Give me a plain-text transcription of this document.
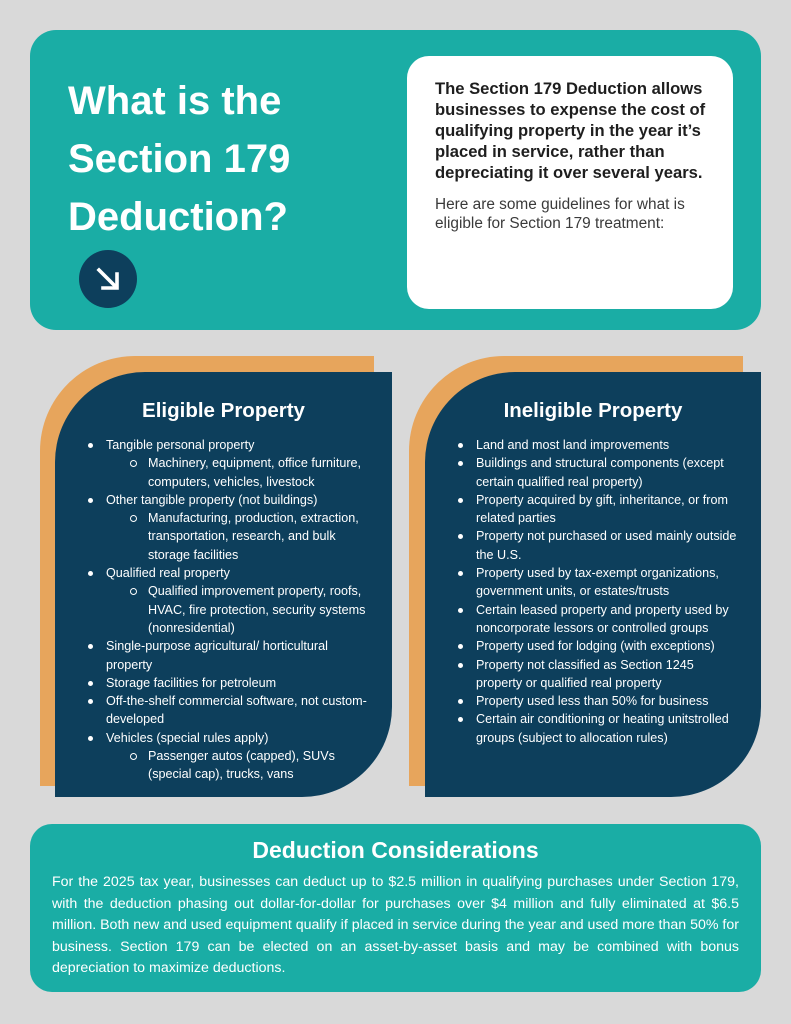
What is the
Section 179
Deduction?

The Section 179 Deduction allows businesses to expense the cost of qualifying property in the year it’s placed in service, rather than depreciating it over several years.

Here are some guidelines for what is eligible for Section 179 treatment:

Eligible Property
Tangible personal property
Machinery, equipment, office furniture, computers, vehicles, livestock
Other tangible property (not buildings)
Manufacturing, production, extraction, transportation, research, and bulk storage facilities
Qualified real property
Qualified improvement property, roofs, HVAC, fire protection, security systems (nonresidential)
Single-purpose agricultural/ horticultural property
Storage facilities for petroleum
Off-the-shelf commercial software, not custom-developed
Vehicles (special rules apply)
Passenger autos (capped), SUVs (special cap), trucks, vans
Ineligible Property
Land and most land improvements
Buildings and structural components (except certain qualified real property)
Property acquired by gift, inheritance, or from related parties
Property not purchased or used mainly outside the U.S.
Property used by tax-exempt organizations, government units, or estates/trusts
Certain leased property and property used by noncorporate lessors or controlled groups
Property used for lodging (with exceptions)
Property not classified as Section 1245 property or qualified real property
Property used less than 50% for business
Certain air conditioning or heating unitstrolled groups (subject to allocation rules)
Deduction Considerations

For the 2025 tax year, businesses can deduct up to $2.5 million in qualifying purchases under Section 179, with the deduction phasing out dollar-for-dollar for purchases over $4 million and fully eliminated at $6.5 million. Both new and used equipment qualify if placed in service during the year and used more than 50% for business. Section 179 can be elected on an asset-by-asset basis and may be combined with bonus depreciation to maximize deductions.
